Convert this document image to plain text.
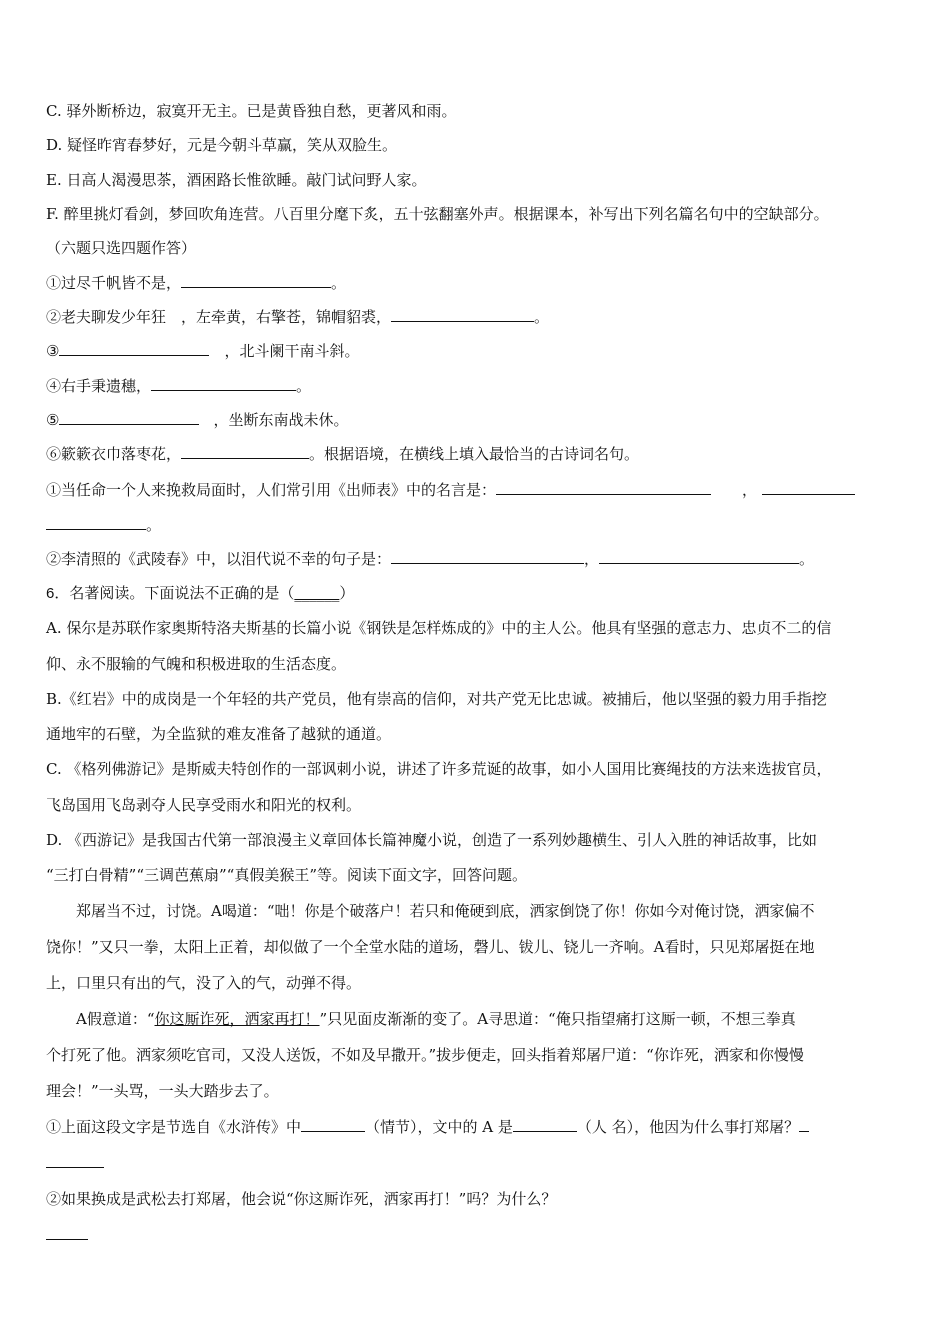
C. 驿外断桥边，寂寞开无主。已是黄昏独自愁，更著风和雨。
D. 疑怪昨宵春梦好，元是今朝斗草赢，笑从双脸生。
E. 日高人渴漫思茶，酒困路长惟欲睡。敲门试问野人家。
F. 醉里挑灯看剑，梦回吹角连营。八百里分麾下炙，五十弦翻塞外声。根据课本，补写出下列名篇名句中的空缺部分。
（六题只选四题作答）
①过尽千帆皆不是，	。
②老夫聊发少年狂　，左牵黄，右擎苍，锦帽貂裘，	。
③	，北斗阑干南斗斜。
④右手秉遗穗，	。
⑤	，坐断东南战未休。
⑥簌簌衣巾落枣花，	。根据语境，在横线上填入最恰当的古诗词名句。
①当任命一个人来挽救局面时，人们常引用《出师表》中的名言是：	，
。
②李清照的《武陵春》中，以泪代说不幸的句子是：	，	。
6．名著阅读。下面说法不正确的是（______）
A. 保尔是苏联作家奥斯特洛夫斯基的长篇小说《钢铁是怎样炼成的》中的主人公。他具有坚强的意志力、忠贞不二的信
仰、永不服输的气魄和积极进取的生活态度。
B.《红岩》中的成岗是一个年轻的共产党员，他有崇高的信仰，对共产党无比忠诚。被捕后，他以坚强的毅力用手指挖
通地牢的石壁，为全监狱的难友准备了越狱的通道。
C. 《格列佛游记》是斯威夫特创作的一部讽刺小说，讲述了许多荒诞的故事，如小人国用比赛绳技的方法来选拔官员，
飞岛国用飞岛剥夺人民享受雨水和阳光的权利。
D. 《西游记》是我国古代第一部浪漫主义章回体长篇神魔小说，创造了一系列妙趣横生、引人入胜的神话故事，比如
“三打白骨精”“三调芭蕉扇”“真假美猴王”等。阅读下面文字，回答问题。
郑屠当不过，讨饶。A喝道：“咄！你是个破落户！若只和俺硬到底，洒家倒饶了你！你如今对俺讨饶，洒家偏不
饶你！”又只一拳，太阳上正着，却似做了一个全堂水陆的道场，磬儿、钹儿、铙儿一齐响。A看时，只见郑屠挺在地
上，口里只有出的气，没了入的气，动弹不得。
A假意道：“你这厮诈死，洒家再打！”只见面皮渐渐的变了。A寻思道：“俺只指望痛打这厮一顿，不想三拳真
个打死了他。洒家须吃官司，又没人送饭，不如及早撒开。”拔步便走，回头指着郑屠尸道：“你诈死，洒家和你慢慢
理会！”一头骂，一头大踏步去了。
①上面这段文字是节选自《水浒传》中	（情节），文中的 A 是	（人 名），他因为什么事打郑屠？
②如果换成是武松去打郑屠，他会说“你这厮诈死，洒家再打！”吗？为什么？
